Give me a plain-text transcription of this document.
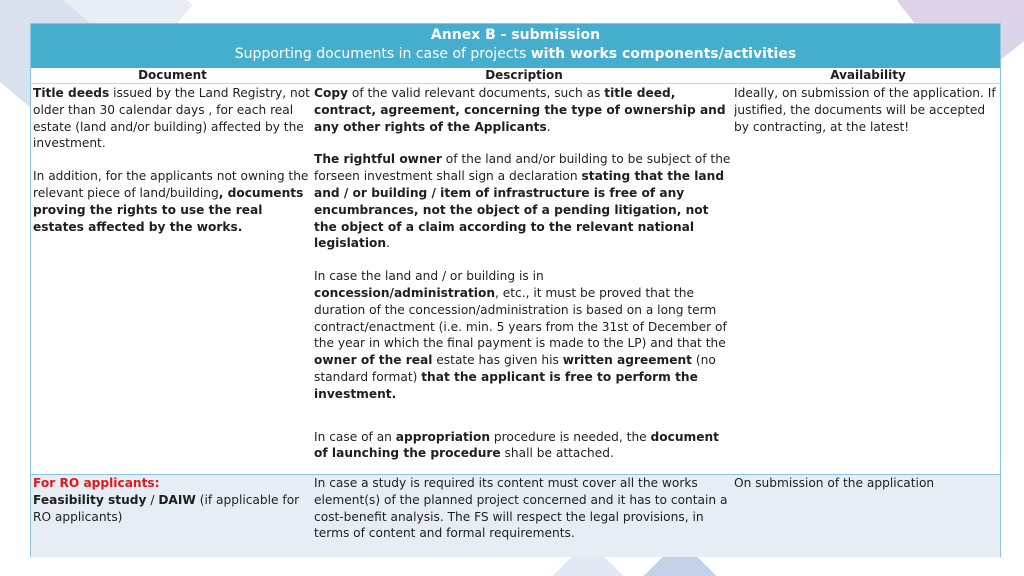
Annex B - submission
Supporting documents in case of projects with works components/activities
Document	Description	Availability
Title deeds issued by the Land Registry, not older than 30 calendar days , for each real estate (land and/or building) affected by the investment.
In addition, for the applicants not owning the relevant piece of land/building, documents proving the rights to use the real estates affected by the works.
Copy of the valid relevant documents, such as title deed, contract, agreement, concerning the type of ownership and any other rights of the Applicants.
The rightful owner of the land and/or building to be subject of the forseen investment shall sign a declaration stating that the land and / or building / item of infrastructure is free of any encumbrances, not the object of a pending litigation, not the object of a claim according to the relevant national legislation.
In case the land and / or building is in concession/administration, etc., it must be proved that the duration of the concession/administration is based on a long term contract/enactment (i.e. min. 5 years from the 31st of December of the year in which the final payment is made to the LP) and that the owner of the real estate has given his written agreement (no standard format) that the applicant is free to perform the investment.
In case of an appropriation procedure is needed, the document of launching the procedure shall be attached.
Ideally, on submission of the application. If justified, the documents will be accepted by contracting, at the latest!
For RO applicants:
Feasibility study / DAIW (if applicable for RO applicants)
In case a study is required its content must cover all the works element(s) of the planned project concerned and it has to contain a cost-benefit analysis. The FS will respect the legal provisions, in terms of content and formal requirements.
On submission of the application
